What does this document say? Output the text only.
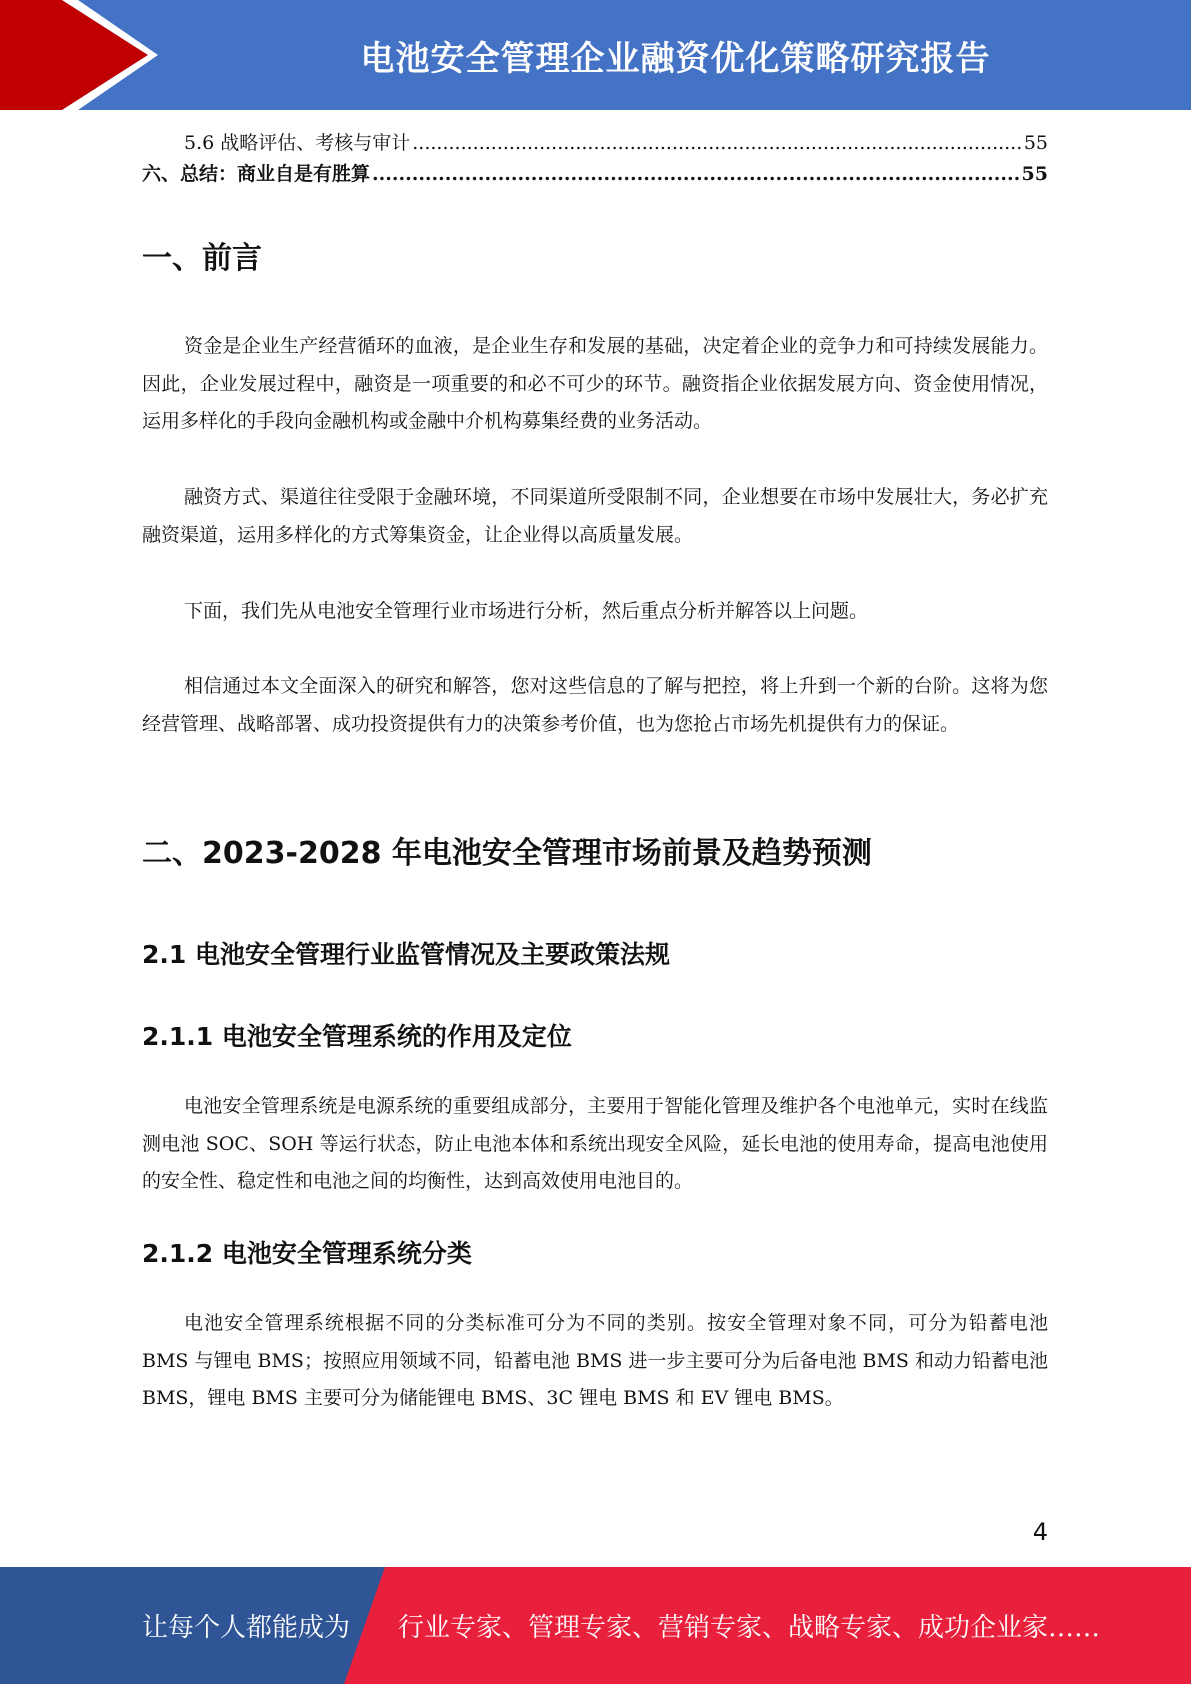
电池安全管理企业融资优化策略研究报告
5.6 战略评估、考核与审计 .....	55
六、总结：商业自是有胜算 .....	55
一、前言

资金是企业生产经营循环的血液，是企业生存和发展的基础，决定着企业的竞争力和可持续发展能力。因此，企业发展过程中，融资是一项重要的和必不可少的环节。融资指企业依据发展方向、资金使用情况，运用多样化的手段向金融机构或金融中介机构募集经费的业务活动。

融资方式、渠道往往受限于金融环境，不同渠道所受限制不同，企业想要在市场中发展壮大，务必扩充融资渠道，运用多样化的方式筹集资金，让企业得以高质量发展。

下面，我们先从电池安全管理行业市场进行分析，然后重点分析并解答以上问题。

相信通过本文全面深入的研究和解答，您对这些信息的了解与把控，将上升到一个新的台阶。这将为您经营管理、战略部署、成功投资提供有力的决策参考价值，也为您抢占市场先机提供有力的保证。

二、2023-2028 年电池安全管理市场前景及趋势预测
2.1 电池安全管理行业监管情况及主要政策法规
2.1.1 电池安全管理系统的作用及定位

电池安全管理系统是电源系统的重要组成部分，主要用于智能化管理及维护各个电池单元，实时在线监测电池 SOC、SOH 等运行状态，防止电池本体和系统出现安全风险，延长电池的使用寿命，提高电池使用的安全性、稳定性和电池之间的均衡性，达到高效使用电池目的。

2.1.2 电池安全管理系统分类

电池安全管理系统根据不同的分类标准可分为不同的类别。按安全管理对象不同，可分为铅蓄电池 BMS 与锂电 BMS；按照应用领域不同，铅蓄电池 BMS 进一步主要可分为后备电池 BMS 和动力铅蓄电池 BMS，锂电 BMS 主要可分为储能锂电 BMS、3C 锂电 BMS 和 EV 锂电 BMS。

4
让每个人都能成为 行业专家、管理专家、营销专家、战略专家、成功企业家……
